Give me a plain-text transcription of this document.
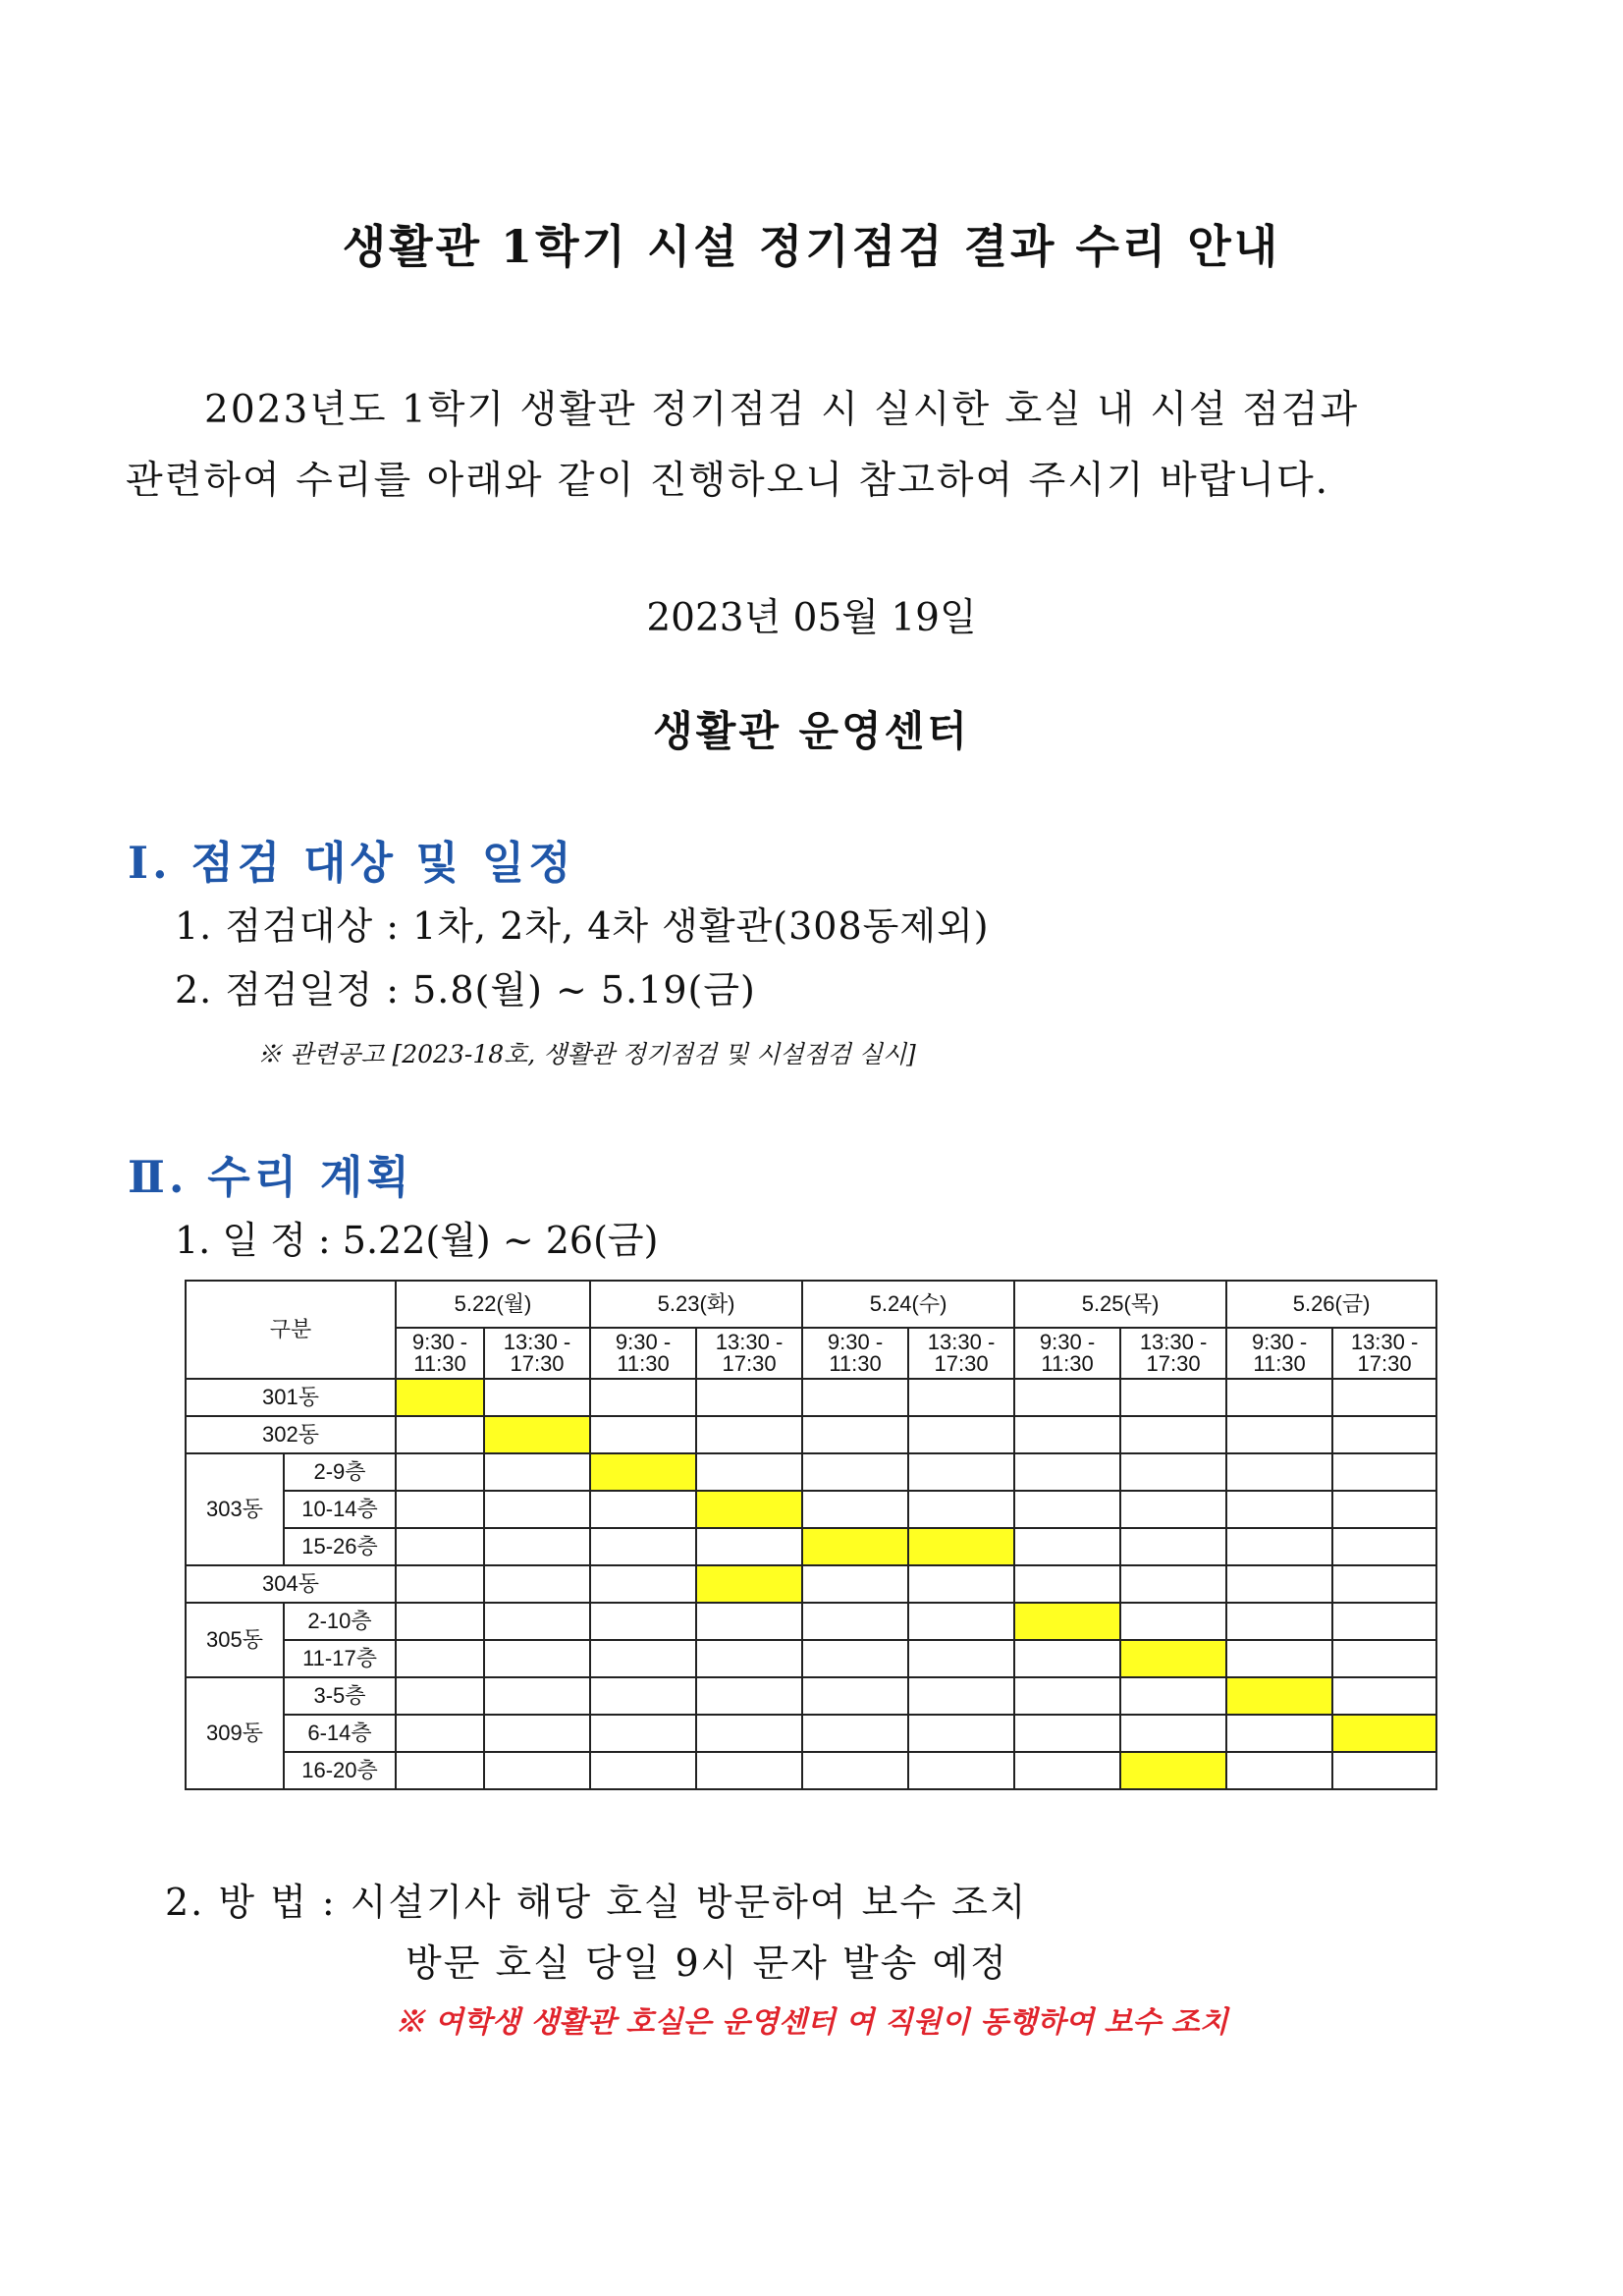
생활관 1학기 시설 정기점검 결과 수리 안내

2023년도 1학기 생활관 정기점검 시 실시한 호실 내 시설 점검과

관련하여 수리를 아래와 같이 진행하오니 참고하여 주시기 바랍니다.

2023년 05월 19일
생활관 운영센터
Ⅰ. 점검 대상 및 일정
1. 점검대상 : 1차, 2차, 4차 생활관(308동제외)
2. 점검일정 : 5.8(월) ~ 5.19(금)
※ 관련공고 [2023-18호, 생활관 정기점검 및 시설점검 실시]
Ⅱ. 수리 계획
1. 일 정 : 5.22(월) ~ 26(금)
구분		5.22(월)		5.23(화)		5.24(수)		5.25(목)		5.26(금)	
		9:30 - 11:30	13:30 - 17:30	9:30 - 11:30	13:30 - 17:30	9:30 - 11:30	13:30 - 17:30	9:30 - 11:30	13:30 - 17:30	9:30 - 11:30	13:30 - 17:30
301동											
302동											
303동	2-9층										
	10-14층										
	15-26층										
304동											
305동	2-10층										
	11-17층										
309동	3-5층										
	6-14층										
	16-20층										
2. 방 법 : 시설기사 해당 호실 방문하여 보수 조치
방문 호실 당일 9시 문자 발송 예정
※ 여학생 생활관 호실은 운영센터 여 직원이 동행하여 보수 조치
